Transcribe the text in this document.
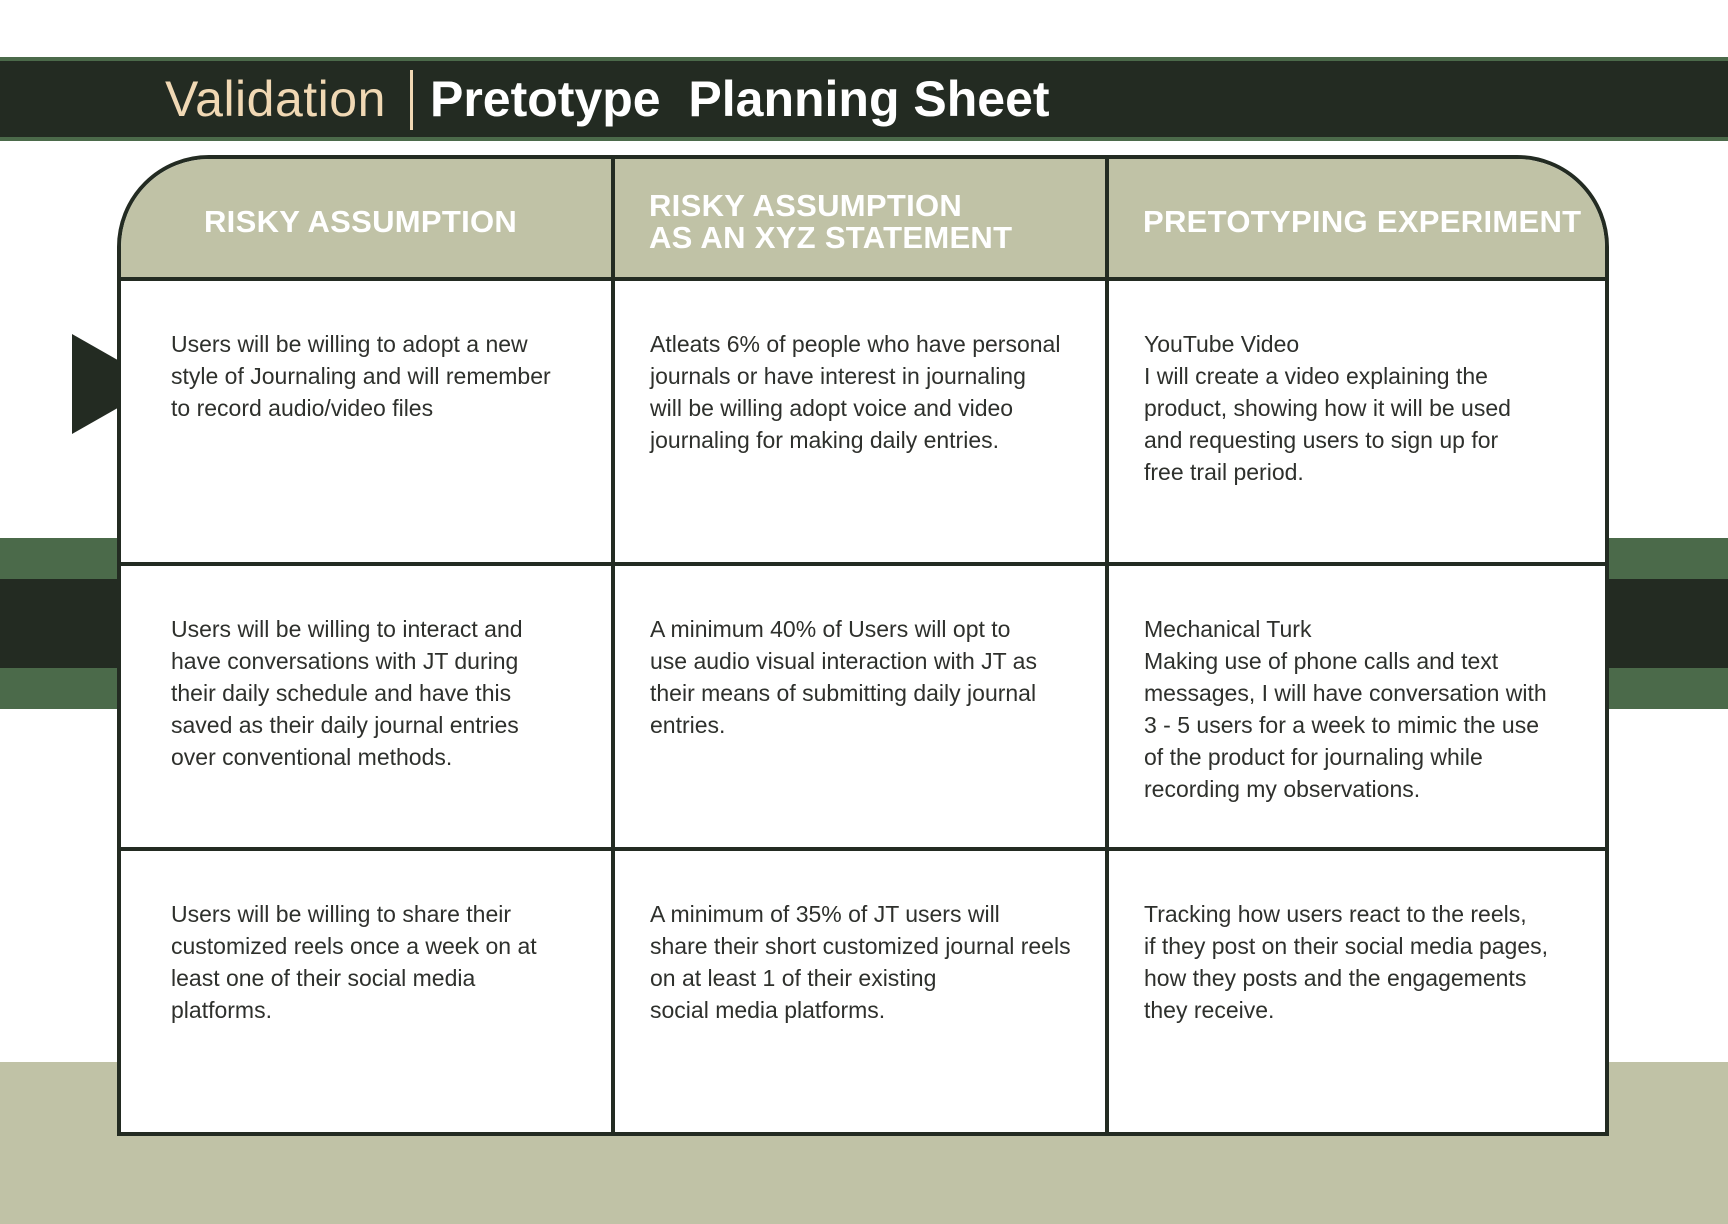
Validation Pretotype  Planning Sheet
RISKY ASSUMPTION	RISKY ASSUMPTION
AS AN XYZ STATEMENT	PRETOTYPING EXPERIMENT
Users will be willing to adopt a new
style of Journaling and will remember
to record audio/video files
Atleats 6% of people who have personal
journals or have interest in journaling
will be willing adopt voice and video
journaling for making daily entries.
YouTube Video
I will create a video explaining the
product, showing how it will be used
and requesting users to sign up for
free trail period.
Users will be willing to interact and
have conversations with JT during
their daily schedule and have this
saved as their daily journal entries
over conventional methods.
A minimum 40% of Users will opt to
use audio visual interaction with JT as
their means of submitting daily journal
entries.
Mechanical Turk
Making use of phone calls and text
messages, I will have conversation with
3 - 5 users for a week to mimic the use
of the product for journaling while
recording my observations.
Users will be willing to share their
customized reels once a week on at
least one of their social media
platforms.
A minimum of 35% of JT users will
share their short customized journal reels
on at least 1 of their existing
social media platforms.
Tracking how users react to the reels,
if they post on their social media pages,
how they posts and the engagements
they receive.
